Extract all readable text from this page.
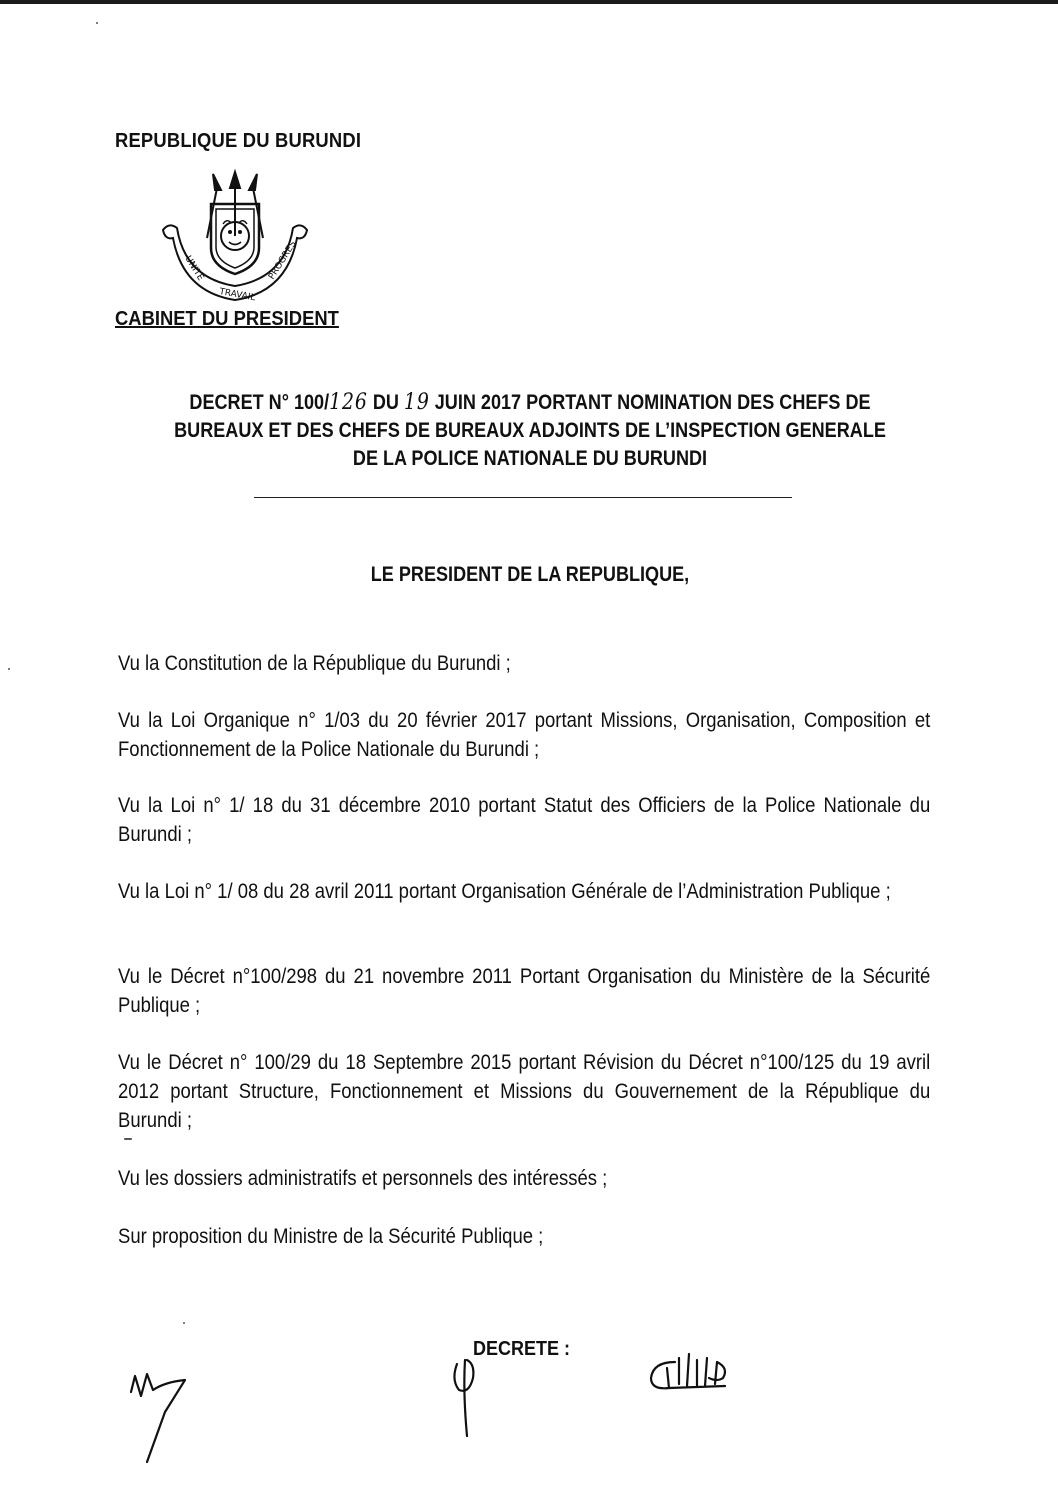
REPUBLIQUE DU BURUNDI
UNITE
TRAVAIL
PROGRES
CABINET DU PRESIDENT
DECRET N° 100/126 DU 19 JUIN 2017 PORTANT NOMINATION DES CHEFS DE
BUREAUX ET DES CHEFS DE BUREAUX ADJOINTS DE L’INSPECTION GENERALE
DE LA POLICE NATIONALE DU BURUNDI
LE PRESIDENT DE LA REPUBLIQUE,
Vu la Constitution de la République du Burundi ;
Vu la Loi Organique n° 1/03 du 20 février 2017 portant Missions, Organisation, Composition et Fonctionnement de la Police Nationale du Burundi ;
Vu la Loi n° 1/ 18 du 31 décembre 2010 portant Statut des Officiers de la Police Nationale du Burundi ;
Vu la Loi n° 1/ 08 du 28 avril 2011 portant Organisation Générale de l’Administration Publique ;
Vu le Décret n°100/298 du 21 novembre 2011 Portant Organisation du Ministère de la Sécurité Publique ;
Vu le Décret n° 100/29 du 18 Septembre 2015 portant Révision du Décret n°100/125 du 19 avril 2012 portant Structure, Fonctionnement et Missions du Gouvernement de la République du Burundi ;
Vu les dossiers administratifs et personnels des intéressés ;
Sur proposition du Ministre de la Sécurité Publique ;
DECRETE :
